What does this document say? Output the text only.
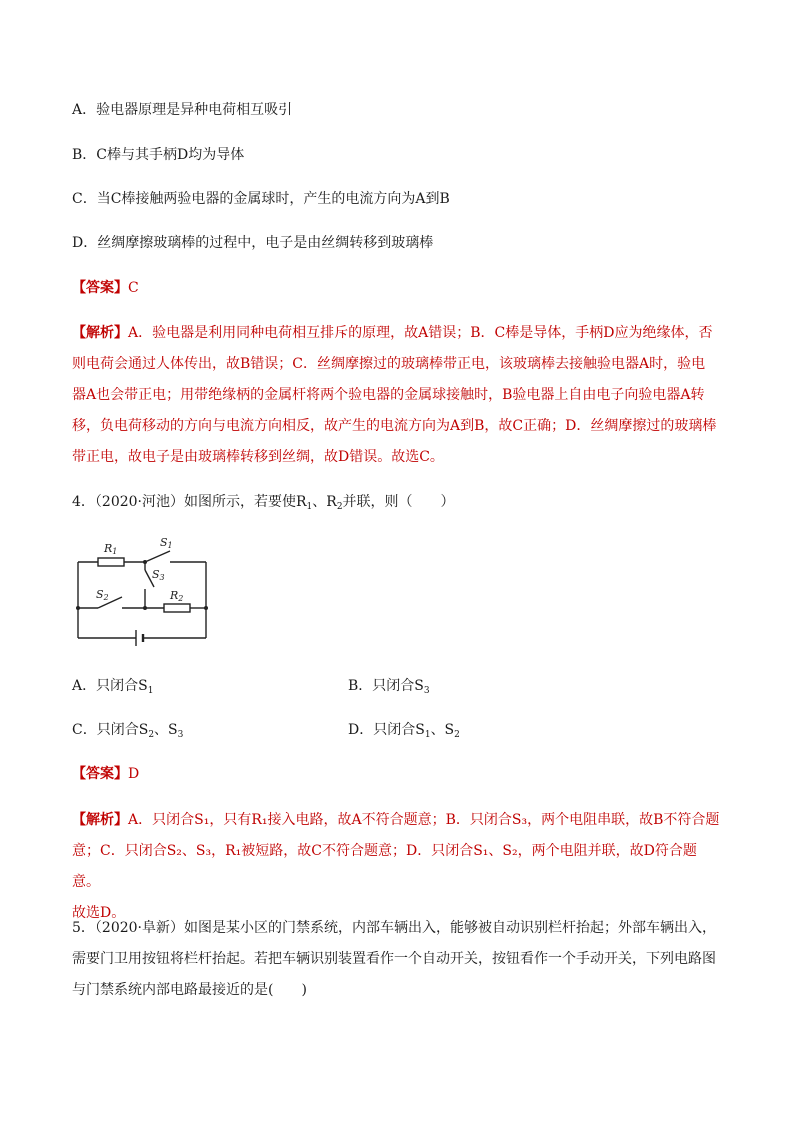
A．验电器原理是异种电荷相互吸引
B．C棒与其手柄D均为导体
C．当C棒接触两验电器的金属球时，产生的电流方向为A到B
D．丝绸摩擦玻璃棒的过程中，电子是由丝绸转移到玻璃棒
【答案】C

【解析】A．验电器是利用同种电荷相互排斥的原理，故A错误；B．C棒是导体，手柄D应为绝缘体，否

则电荷会通过人体传出，故B错误；C．丝绸摩擦过的玻璃棒带正电，该玻璃棒去接触验电器A时，验电

器A也会带正电；用带绝缘柄的金属杆将两个验电器的金属球接触时，B验电器上自由电子向验电器A转

移，负电荷移动的方向与电流方向相反，故产生的电流方向为A到B，故C正确；D．丝绸摩擦过的玻璃棒

带正电，故电子是由玻璃棒转移到丝绸，故D错误。故选C。

4．（2020·河池）如图所示，若要使$R_1$、$R_2$并联，则（　　）
R1
S1
S3
S2	R2
A．只闭合$S_1$	B．只闭合$S_3$
C．只闭合$S_2$、$S_3$	D．只闭合$S_1$、$S_2$
【答案】D

【解析】A．只闭合S₁，只有R₁接入电路，故A不符合题意；B．只闭合S₃，两个电阻串联，故B不符合题

意；C．只闭合S₂、S₃，R₁被短路，故C不符合题意；D．只闭合S₁、S₂，两个电阻并联，故D符合题意。

故选D。

5．（2020·阜新）如图是某小区的门禁系统，内部车辆出入，能够被自动识别栏杆抬起；外部车辆出入，

需要门卫用按钮将栏杆抬起。若把车辆识别装置看作一个自动开关，按钮看作一个手动开关，下列电路图

与门禁系统内部电路最接近的是(　　)
